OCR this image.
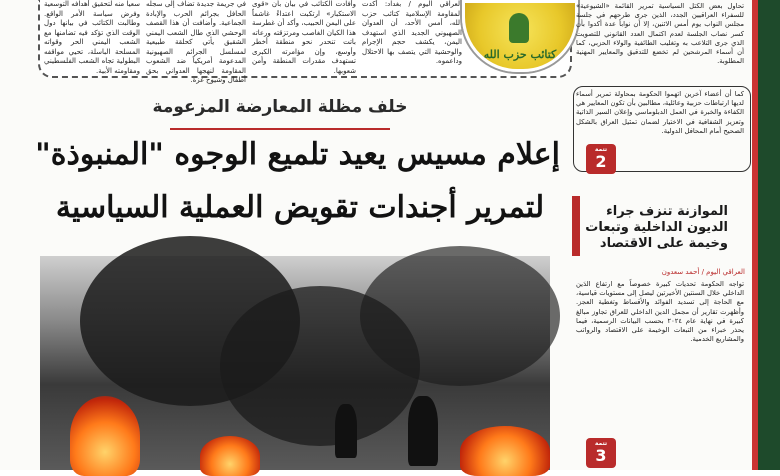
سعيا منه لتحقيق أهدافه التوسعية وفرض سياسة الأمر الواقع. وطالبت الكتائب في بيانها دول الوقت الذي تؤكد فيه تضامنها مع الشعب اليمني الحر وقواته المسلحة الباسلة، تحيي مواقفه البطولية تجاه الشعب الفلسطيني ومقاومته الأبية.
في جريمة جديدة تضاف إلى سجله الحافل بجرائم الحرب والإبادة الجماعية. وأضافت أن هذا القصف الوحشي الذي طال الشعب اليمني الشقيق يأتي كحلقة طبيعية لمسلسل الجرائم الصهيونية المدعومة أمريكياً ضد الشعوب المقاومة لنهجها العدواني بحق أطفال وشيوخ غزة.
وأفادت الكتائب في بيان بأن «قوى الاستكبار» ارتكبت اعتداءً غاشماً على اليمن الحبيب، وأكد أن غطرسة هذا الكيان الغاصب ومرتزقته ورعاته باتت تنحدر نحو منطقة أخطر وأوسع، وإن مؤامرته الكبرى تستهدف مقدرات المنطقة وأمن شعوبها.
العراقي اليوم / بغداد: أكدت المقاومة الإسلامية كتائب حزب الله، أمس الأحد، أن العدوان الصهيوني الجديد الذي استهدف اليمن، يكشف حجم الإجرام والوحشية التي يتصف بها الاحتلال وداعموه.	كتائب حزب الله
خلف مظلة المعارضة المزعومة
إعلام مسيس يعيد تلميع الوجوه "المنبوذة"
لتمرير أجندات تقويض العملية السياسية
تحاول بعض الكتل السياسية تمرير القائمة «الشيوعية» للسفراء العراقيين الجدد، الذين جرى طرحهم في جلسة مجلس النواب يوم أمس الاثنين، إلا أن نواباً عدة أكدوا بأن كسر نصاب الجلسة لعدم اكتمال العدد القانوني للتصويت الذي جرى التلاعب به وتغليب الطائفية والولاء الحزبي، كما أن أسماء المرشحين لم تخضع للتدقيق والمعايير المهنية المطلوبة.
كما أن أعضاء آخرين اتهموا الحكومة بمحاولة تمرير أسماء لديها ارتباطات حزبية وعائلية، مطالبين بأن تكون المعايير هي الكفاءة والخبرة في العمل الدبلوماسي وإعلان السير الذاتية وتعزيز الشفافية في الاختيار لضمان تمثيل العراق بالشكل الصحيح أمام المحافل الدولية.
تتمة
2
الموازنة تنزف جراء الديون الداخلية وتبعات وخيمة على الاقتصاد
العراقي اليوم / أحمد سعدون
تواجه الحكومة تحديات كبيرة خصوصاً مع ارتفاع الدَين الداخلي خلال السنتين الأخيرتين ليصل إلى مستويات قياسية، مع الحاجة إلى تسديد الفوائد والأقساط وتغطية العجز. وأظهرت تقارير أن مجمل الدين الداخلي للعراق تجاوز مبالغ كبيرة في نهاية عام ٢٠٢٤ بحسب البيانات الرسمية، فيما يحذر خبراء من التبعات الوخيمة على الاقتصاد والرواتب والمشاريع الخدمية.
تتمة
3
